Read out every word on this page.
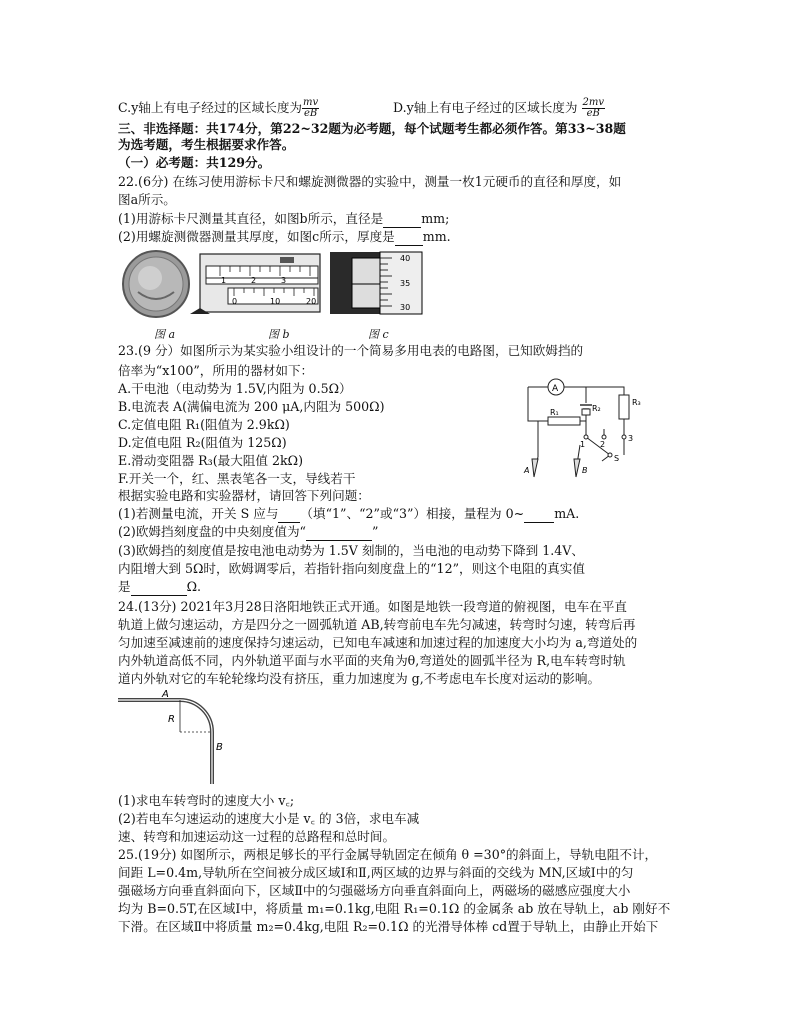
C.y轴上有电子经过的区域长度为 $\frac{mv}{eB}$	D.y轴上有电子经过的区域长度为 $\frac{2mv}{eB}$
三、非选择题：共174分，第22~32题为必考题，每个试题考生都必须作答。第33~38题
为选考题，考生根据要求作答。
（一）必考题：共129分。
22.(6分) 在练习使用游标卡尺和螺旋测微器的实验中，测量一枚1元硬币的直径和厚度，如
图a所示。
(1)用游标卡尺测量其直径，如图b所示，直径是	mm;
(2)用螺旋测微器测量其厚度，如图c所示，厚度是 mm.
1	2	3
0	10	20
40
35
30
图 a	图 b	图 c
23.(9 分）如图所示为某实验小组设计的一个简易多用电表的电路图，已知欧姆挡的
倍率为“x100”，所用的器材如下：
A.干电池（电动势为 1.5V,内阻为 0.5Ω）
B.电流表 A(满偏电流为 200 μA,内阻为 500Ω)
C.定值电阻 R₁(阻值为 2.9kΩ)
D.定值电阻 R₂(阻值为 125Ω)
E.滑动变阻器 R₃(最大阻值 2kΩ)
F.开关一个，红、黑表笔各一支，导线若干
根据实验电路和实验器材，请回答下列问题：
(1)若测量电流，开关 S 应与 （填“1”、“2”或“3”）相接，量程为 0~ mA.
(2)欧姆挡刻度盘的中央刻度值为“	”
(3)欧姆挡的刻度值是按电池电动势为 1.5V 刻制的，当电池的电动势下降到 1.4V、
内阻增大到 5Ω时，欧姆调零后，若指针指向刻度盘上的“12”，则这个电阻的真实值
是	Ω.
A
R₁
R₃
R₂
1 2
3
S
A	B
24.(13分) 2021年3月28日洛阳地铁正式开通。如图是地铁一段弯道的俯视图，电车在平直
轨道上做匀速运动，方是四分之一圆弧轨道 AB,转弯前电车先匀减速，转弯时匀速，转弯后再
匀加速至减速前的速度保持匀速运动，已知电车减速和加速过程的加速度大小均为 a,弯道处的
内外轨道高低不同，内外轨道平面与水平面的夹角为θ,弯道处的圆弧半径为 R,电车转弯时轨
道内外轨对它的车轮轮缘均没有挤压，重力加速度为 g,不考虑电车长度对运动的影响。
A
B
R
(1)求电车转弯时的速度大小 v꜀;
(2)若电车匀速运动的速度大小是 v꜀ 的 3倍，求电车减
速、转弯和加速运动这一过程的总路程和总时间。
25.(19分) 如图所示，两根足够长的平行金属导轨固定在倾角 θ =30°的斜面上，导轨电阻不计，
间距 L=0.4m,导轨所在空间被分成区域Ⅰ和Ⅱ,两区域的边界与斜面的交线为 MN,区域Ⅰ中的匀
强磁场方向垂直斜面向下，区域Ⅱ中的匀强磁场方向垂直斜面向上，两磁场的磁感应强度大小
均为 B=0.5T,在区域Ⅰ中，将质量 m₁=0.1kg,电阻 R₁=0.1Ω 的金属条 ab 放在导轨上，ab 刚好不
下滑。在区域Ⅱ中将质量 m₂=0.4kg,电阻 R₂=0.1Ω 的光滑导体棒 cd置于导轨上，由静止开始下
